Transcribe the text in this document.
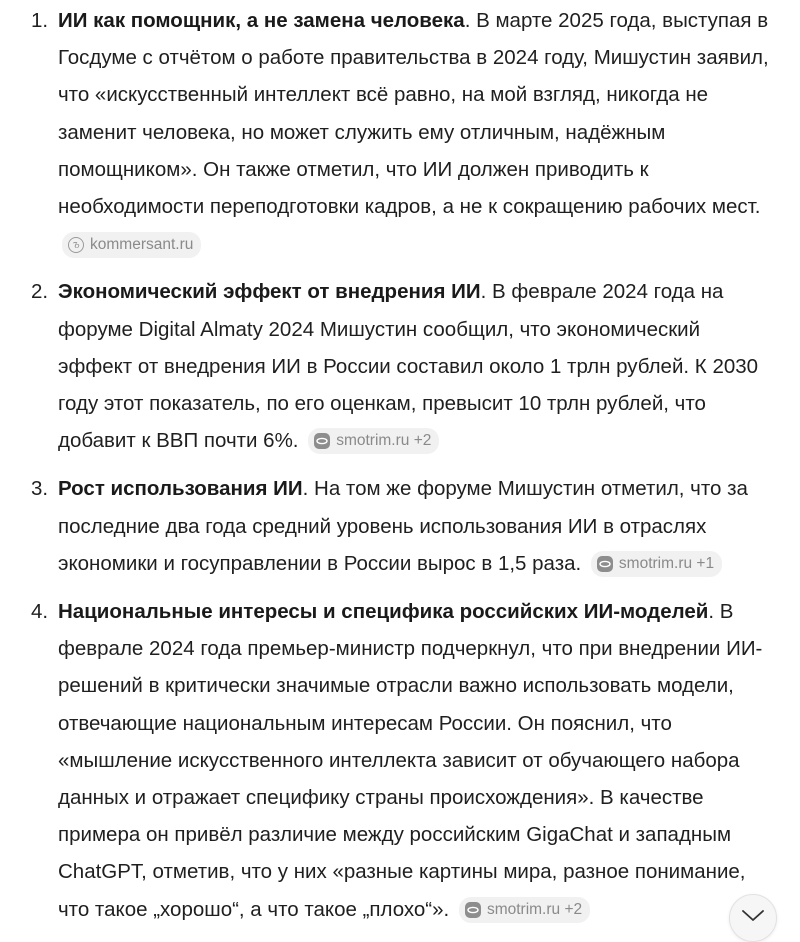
1. ИИ как помощник, а не замена человека. В марте 2025 года, выступая в Госдуме с отчётом о работе правительства в 2024 году, Мишустин заявил, что «искусственный интеллект всё равно, на мой взгляд, никогда не заменит человека, но может служить ему отличным, надёжным помощником». Он также отметил, что ИИ должен приводить к необходимости переподготовки кадров, а не к сокращению рабочих мест.
ъ kommersant.ru
2. Экономический эффект от внедрения ИИ. В феврале 2024 года на форуме Digital Almaty 2024 Мишустин сообщил, что экономический эффект от внедрения ИИ в России составил около 1 трлн рублей. К 2030 году этот показатель, по его оценкам, превысит 10 трлн рублей, что добавит к ВВП почти 6%. smotrim.ru +2
3. Рост использования ИИ. На том же форуме Мишустин отметил, что за последние два года средний уровень использования ИИ в отраслях экономики и госуправлении в России вырос в 1,5 раза. smotrim.ru +1
4. Национальные интересы и специфика российских ИИ-моделей. В феврале 2024 года премьер-министр подчеркнул, что при внедрении ИИ-решений в критически значимые отрасли важно использовать модели, отвечающие национальным интересам России. Он пояснил, что «мышление искусственного интеллекта зависит от обучающего набора данных и отражает специфику страны происхождения». В качестве примера он привёл различие между российским GigaChat и западным ChatGPT, отметив, что у них «разные картины мира, разное понимание, что такое „хорошо“, а что такое „плохо“». smotrim.ru +2
